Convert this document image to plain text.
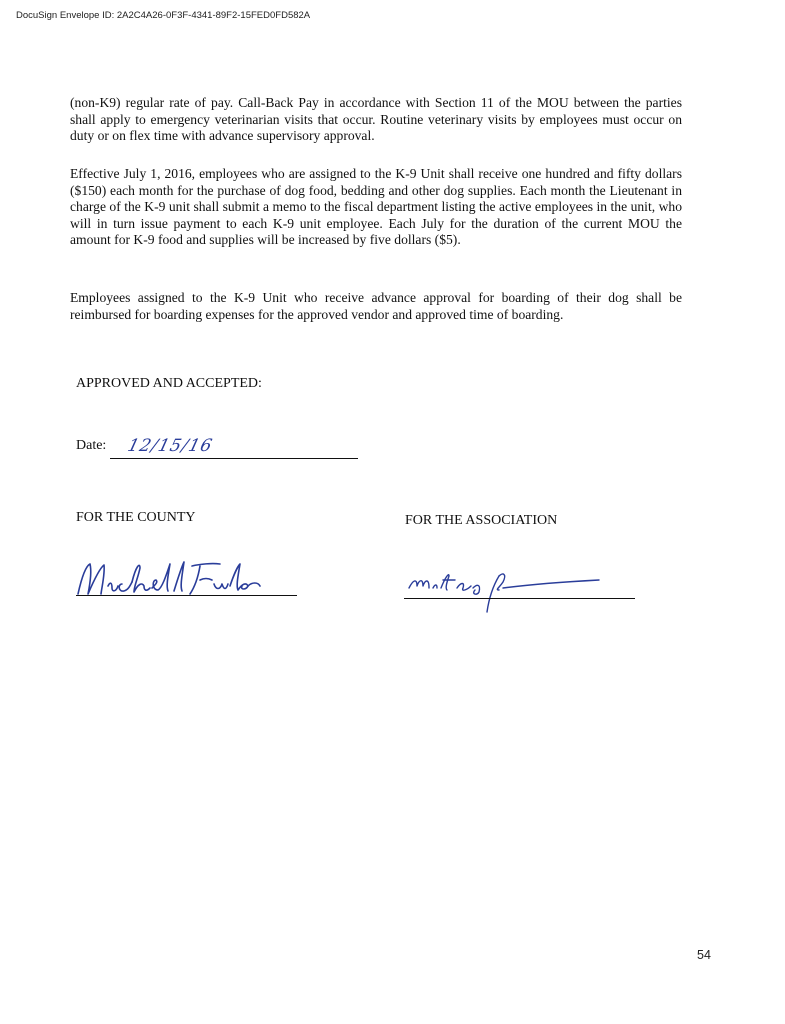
DocuSign Envelope ID: 2A2C4A26-0F3F-4341-89F2-15FED0FD582A

(non-K9) regular rate of pay. Call-Back Pay in accordance with Section 11 of the MOU between the parties shall apply to emergency veterinarian visits that occur. Routine veterinary visits by employees must occur on duty or on flex time with advance supervisory approval.

Effective July 1, 2016, employees who are assigned to the K-9 Unit shall receive one hundred and fifty dollars ($150) each month for the purchase of dog food, bedding and other dog supplies. Each month the Lieutenant in charge of the K-9 unit shall submit a memo to the fiscal department listing the active employees in the unit, who will in turn issue payment to each K-9 unit employee. Each July for the duration of the current MOU the amount for K-9 food and supplies will be increased by five dollars ($5).

Employees assigned to the K-9 Unit who receive advance approval for boarding of their dog shall be reimbursed for boarding expenses for the approved vendor and approved time of boarding.

APPROVED AND ACCEPTED:
Date: 12/15/16
FOR THE COUNTY	FOR THE ASSOCIATION
54
